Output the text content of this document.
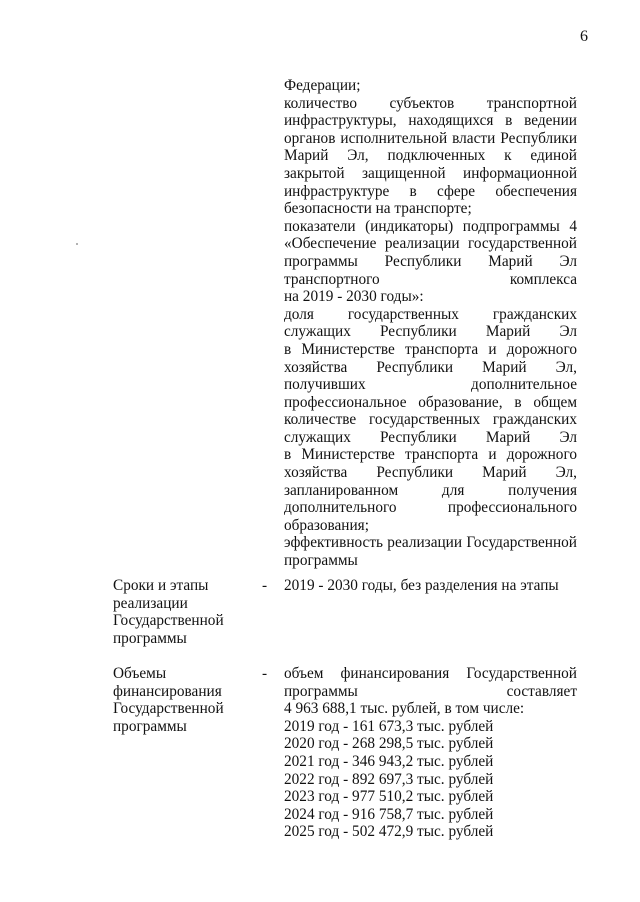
6
Федерации;
количество субъектов транспортной
инфраструктуры, находящихся в ведении
органов исполнительной власти Республики
Марий Эл, подключенных к единой
закрытой защищенной информационной
инфраструктуре в сфере обеспечения
безопасности на транспорте;
показатели (индикаторы) подпрограммы 4
«Обеспечение реализации государственной
программы Республики Марий Эл
транспортного комплекса
на 2019 - 2030 годы»:
доля государственных гражданских
служащих Республики Марий Эл
в Министерстве транспорта и дорожного
хозяйства Республики Марий Эл,
получивших дополнительное
профессиональное образование, в общем
количестве государственных гражданских
служащих Республики Марий Эл
в Министерстве транспорта и дорожного
хозяйства Республики Марий Эл,
запланированном для получения
дополнительного профессионального
образования;
эффективность реализации Государственной
программы
Сроки и этапы
реализации
Государственной
программы
- 2019 - 2030 годы, без разделения на этапы
Объемы
финансирования
Государственной
программы
- объем финансирования Государственной
программы составляет
4 963 688,1 тыс. рублей, в том числе:
2019 год - 161 673,3 тыс. рублей
2020 год - 268 298,5 тыс. рублей
2021 год - 346 943,2 тыс. рублей
2022 год - 892 697,3 тыс. рублей
2023 год - 977 510,2 тыс. рублей
2024 год - 916 758,7 тыс. рублей
2025 год - 502 472,9 тыс. рублей
